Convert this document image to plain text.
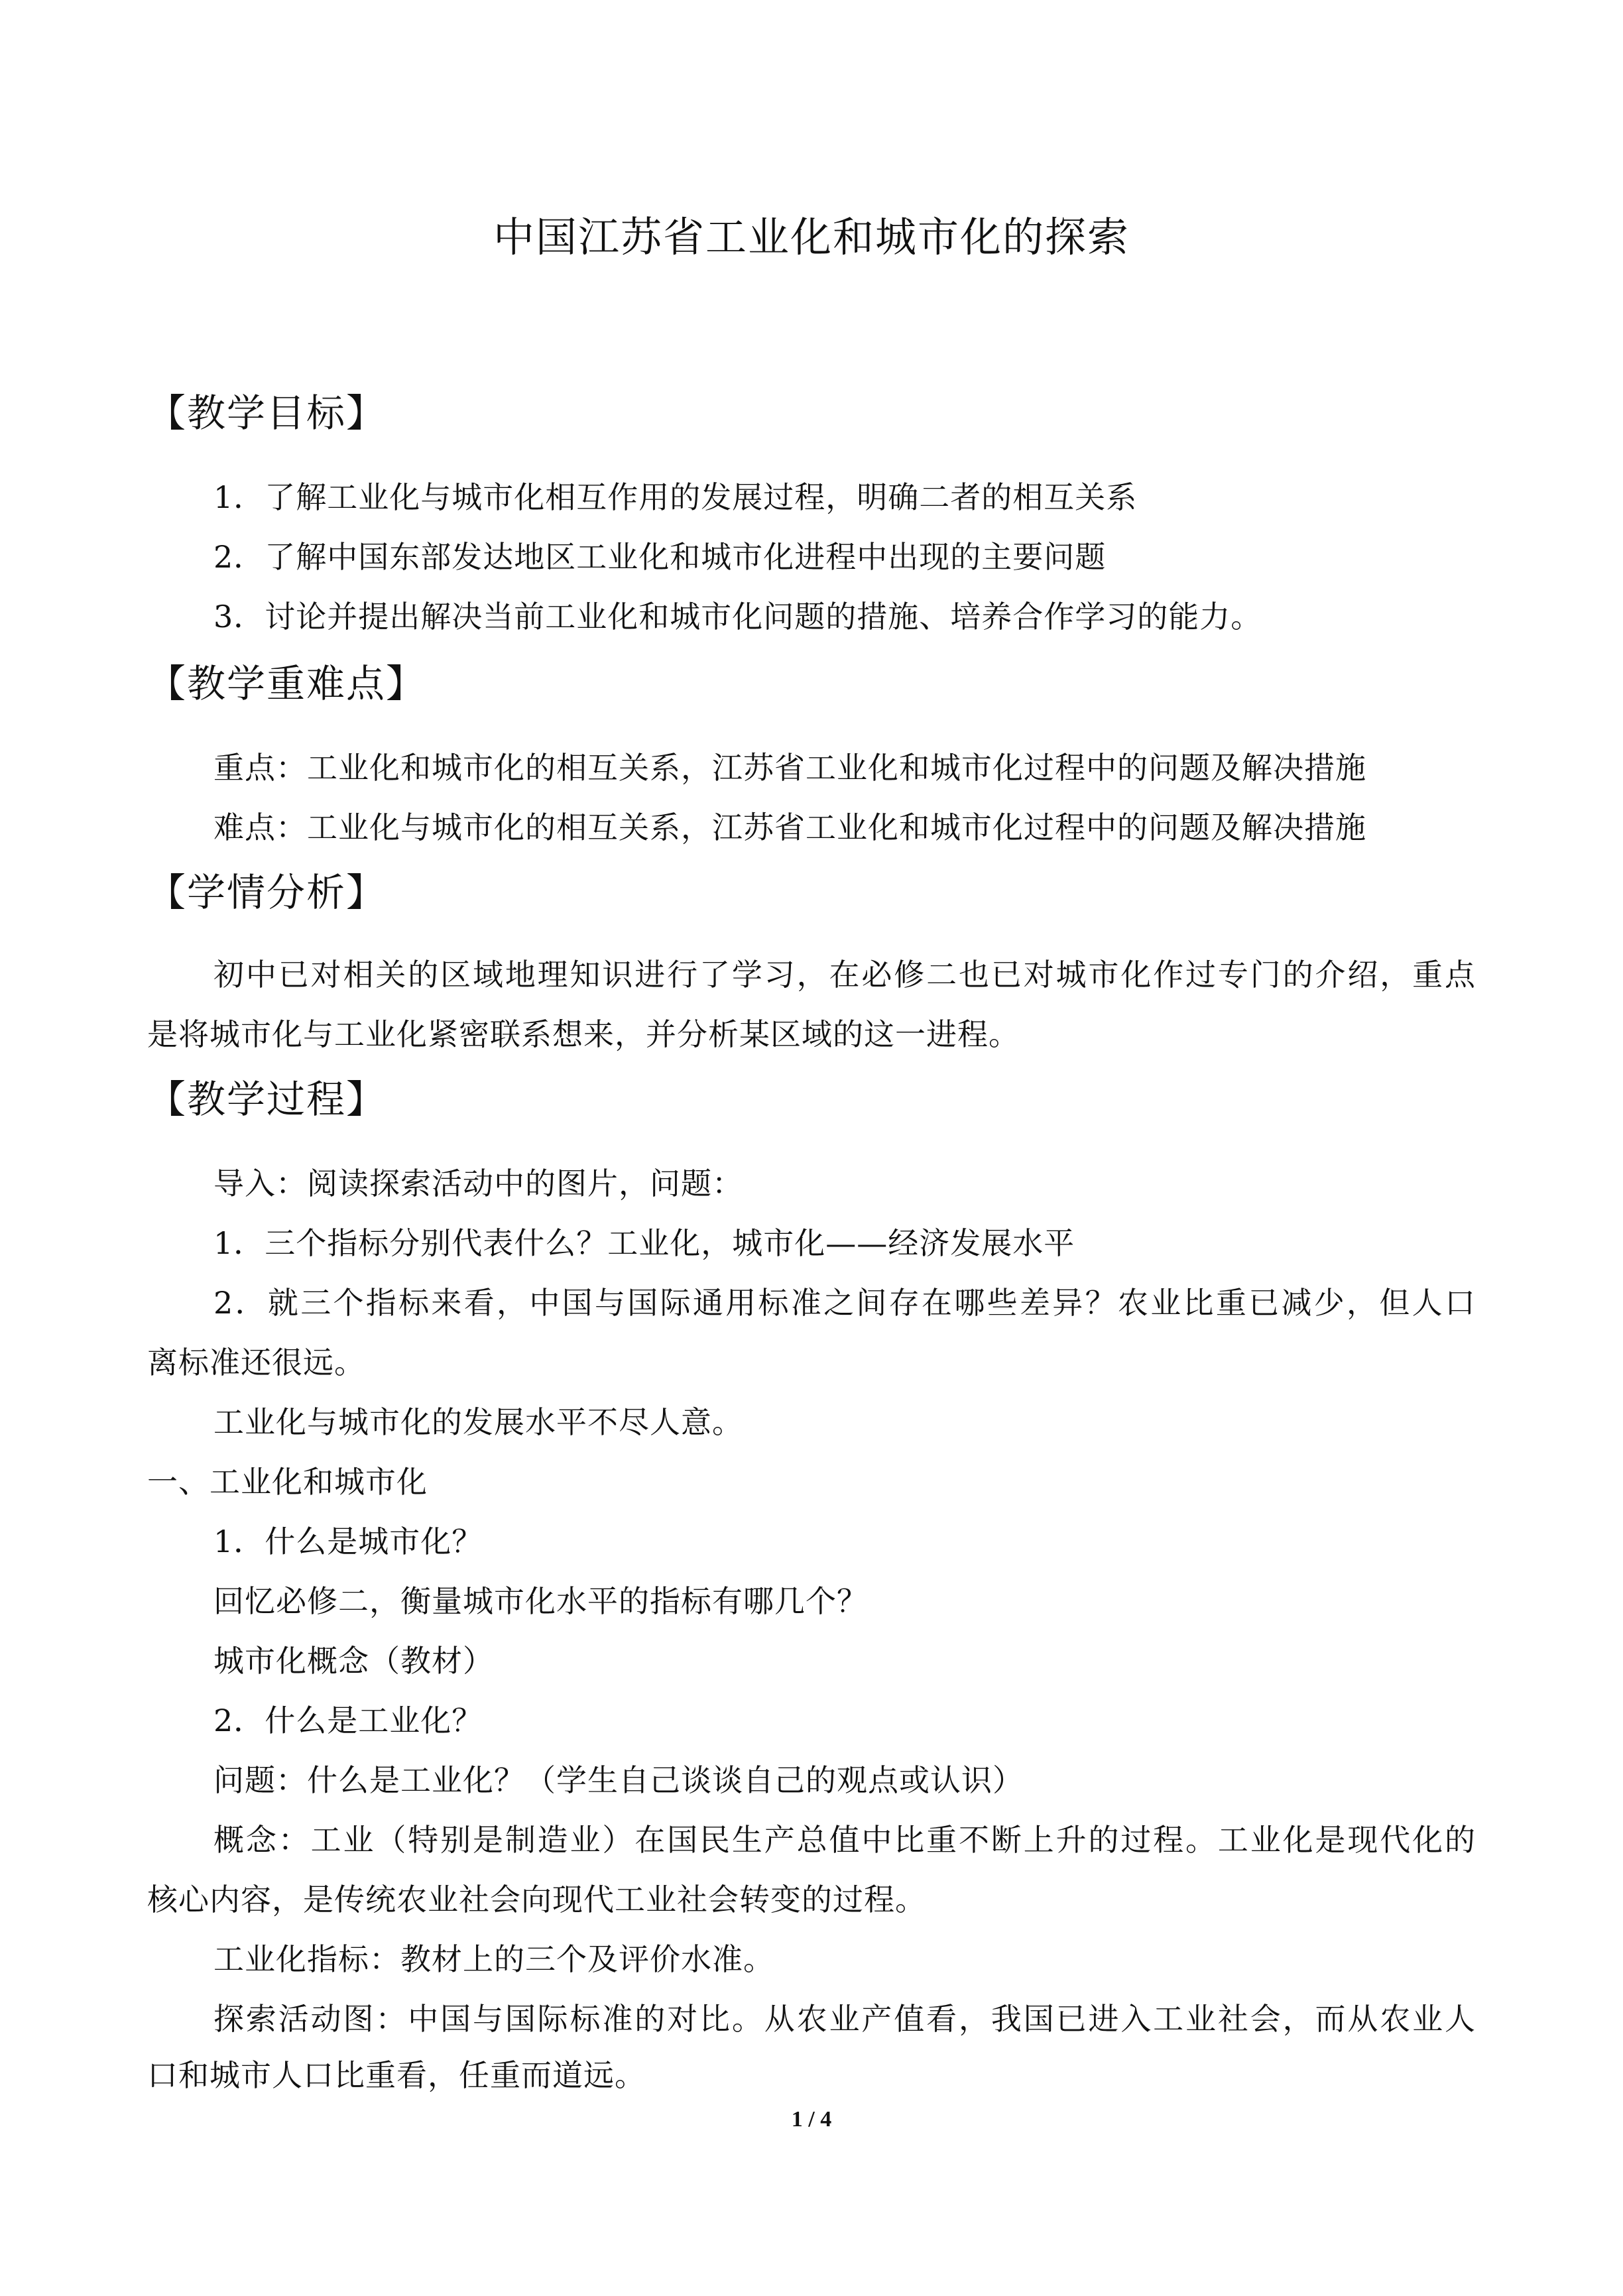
中国江苏省工业化和城市化的探索
【教学目标】
1．了解工业化与城市化相互作用的发展过程，明确二者的相互关系
2．了解中国东部发达地区工业化和城市化进程中出现的主要问题
3．讨论并提出解决当前工业化和城市化问题的措施、培养合作学习的能力。
【教学重难点】
重点：工业化和城市化的相互关系，江苏省工业化和城市化过程中的问题及解决措施
难点：工业化与城市化的相互关系，江苏省工业化和城市化过程中的问题及解决措施
【学情分析】
初中已对相关的区域地理知识进行了学习，在必修二也已对城市化作过专门的介绍，重点
是将城市化与工业化紧密联系想来，并分析某区域的这一进程。
【教学过程】
导入：阅读探索活动中的图片，问题：
1．三个指标分别代表什么？工业化，城市化——经济发展水平
2．就三个指标来看，中国与国际通用标准之间存在哪些差异？农业比重已减少，但人口
离标准还很远。
工业化与城市化的发展水平不尽人意。
一、工业化和城市化
1．什么是城市化？
回忆必修二，衡量城市化水平的指标有哪几个？
城市化概念（教材）
2．什么是工业化？
问题：什么是工业化？（学生自己谈谈自己的观点或认识）
概念：工业（特别是制造业）在国民生产总值中比重不断上升的过程。工业化是现代化的
核心内容，是传统农业社会向现代工业社会转变的过程。
工业化指标：教材上的三个及评价水准。
探索活动图：中国与国际标准的对比。从农业产值看，我国已进入工业社会，而从农业人
口和城市人口比重看，任重而道远。
1 / 4
